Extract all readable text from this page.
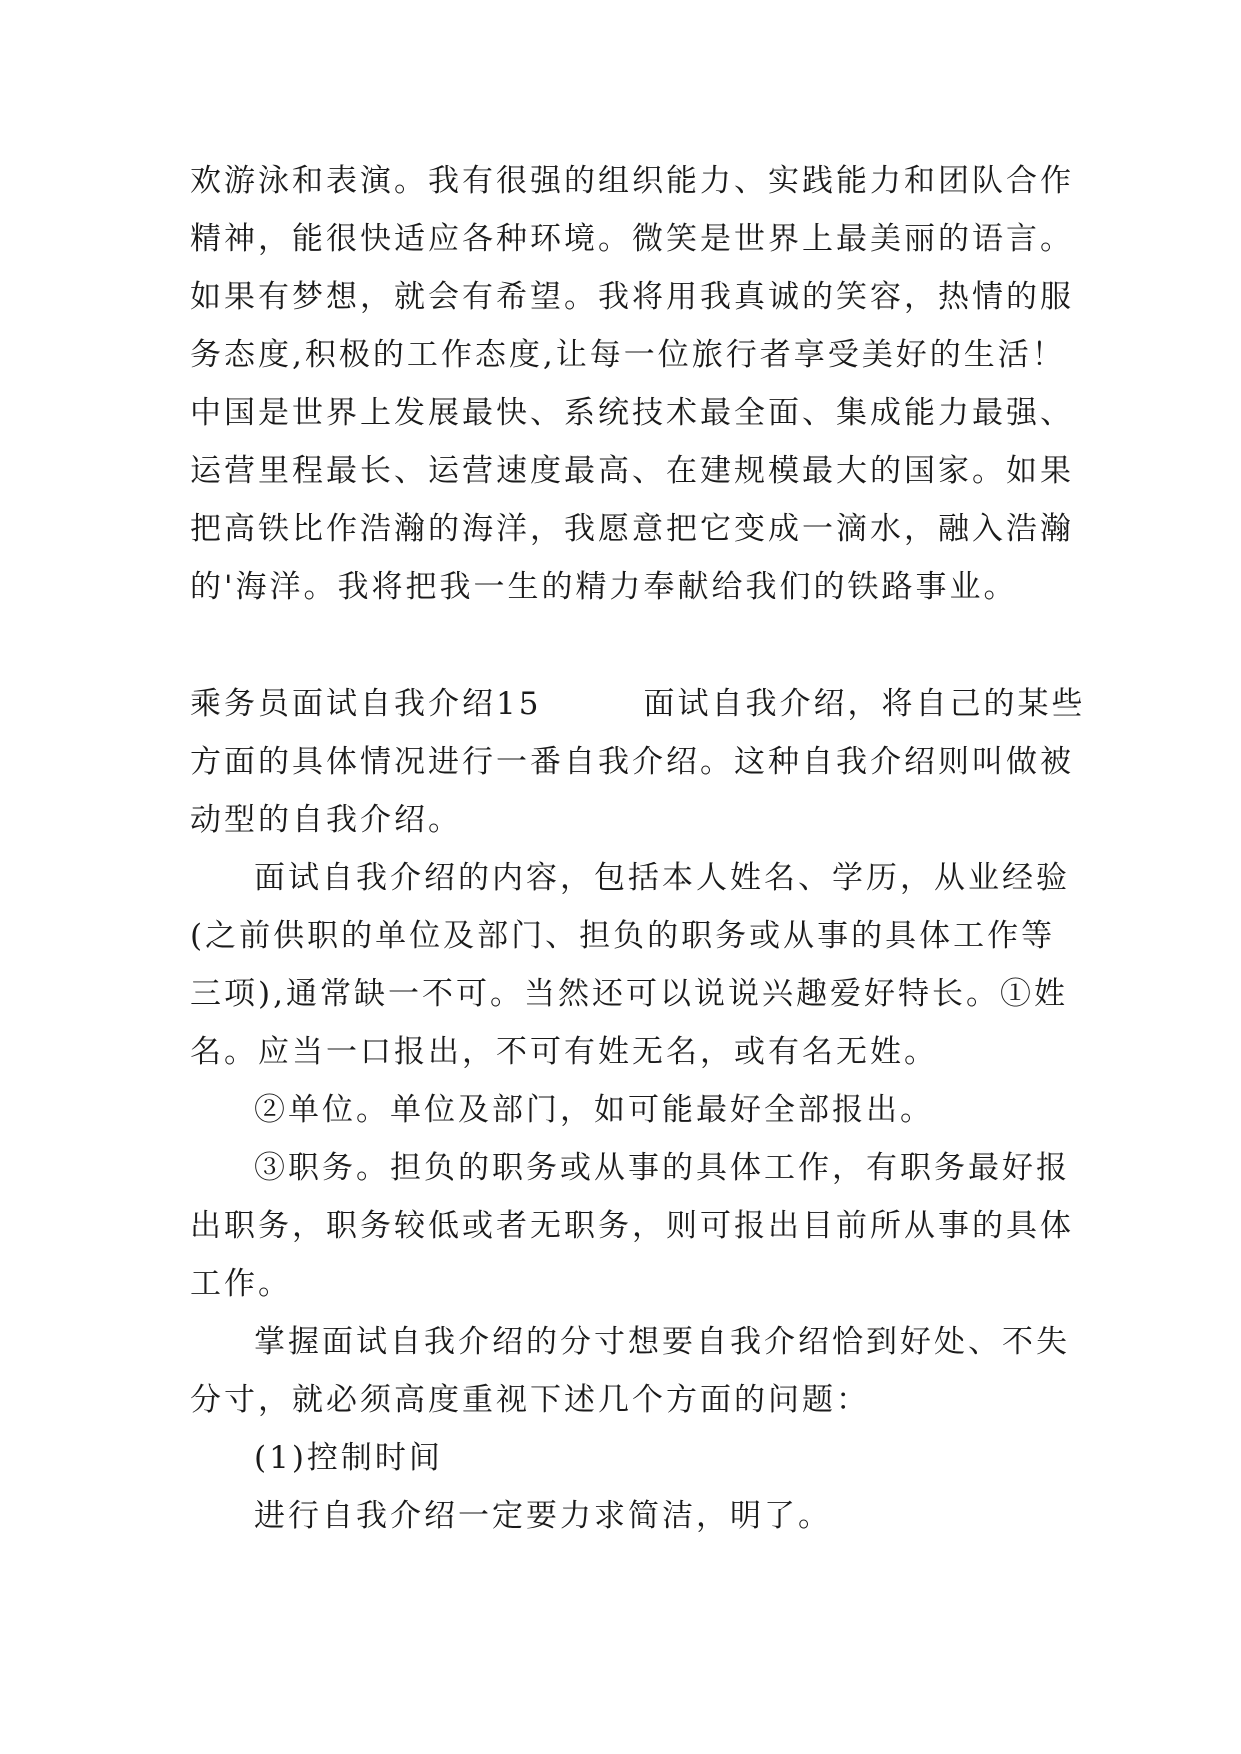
欢游泳和表演。我有很强的组织能力、实践能力和团队合作

精神，能很快适应各种环境。微笑是世界上最美丽的语言。

如果有梦想，就会有希望。我将用我真诚的笑容，热情的服

务态度,积极的工作态度,让每一位旅行者享受美好的生活！

中国是世界上发展最快、系统技术最全面、集成能力最强、

运营里程最长、运营速度最高、在建规模最大的国家。如果

把高铁比作浩瀚的海洋，我愿意把它变成一滴水，融入浩瀚

的'海洋。我将把我一生的精力奉献给我们的铁路事业。

乘务员面试自我介绍15　　　面试自我介绍，将自己的某些

方面的具体情况进行一番自我介绍。这种自我介绍则叫做被

动型的自我介绍。

面试自我介绍的内容，包括本人姓名、学历，从业经验

(之前供职的单位及部门、担负的职务或从事的具体工作等

三项),通常缺一不可。当然还可以说说兴趣爱好特长。①姓

名。应当一口报出，不可有姓无名，或有名无姓。

②单位。单位及部门，如可能最好全部报出。

③职务。担负的职务或从事的具体工作，有职务最好报

出职务，职务较低或者无职务，则可报出目前所从事的具体

工作。

掌握面试自我介绍的分寸想要自我介绍恰到好处、不失

分寸，就必须高度重视下述几个方面的问题：

(1)控制时间

进行自我介绍一定要力求简洁，明了。
